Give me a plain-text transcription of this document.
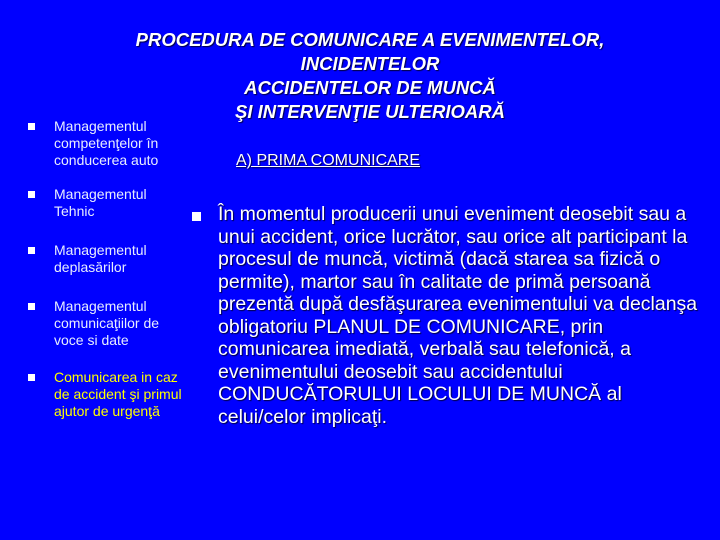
PROCEDURA DE COMUNICARE A EVENIMENTELOR,
INCIDENTELOR
ACCIDENTELOR DE MUNCĂ
ŞI INTERVENŢIE ULTERIOARĂ
Managementul competenţelor în conducerea auto
Managementul Tehnic
Managementul deplasărilor
Managementul comunicaţiilor de voce si date
Comunicarea in caz de accident şi primul ajutor de urgenţă
A) PRIMA COMUNICARE
În momentul producerii unui eveniment deosebit sau a unui accident, orice lucrător, sau orice alt participant la procesul de muncă, victimă (dacă starea sa fizică o permite), martor sau în calitate de primă persoană prezentă după desfăşurarea evenimentului va declanşa obligatoriu PLANUL DE COMUNICARE, prin comunicarea imediată, verbală sau telefonică, a evenimentului deosebit sau accidentului CONDUCĂTORULUI LOCULUI DE MUNCĂ al celui/celor implicaţi.
